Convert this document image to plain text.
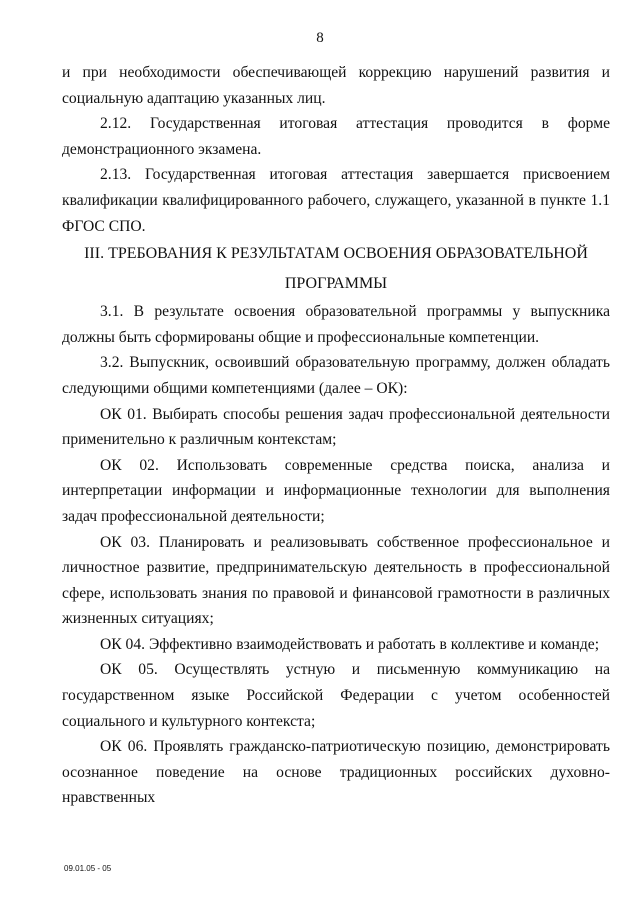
8

и при необходимости обеспечивающей коррекцию нарушений развития и социальную адаптацию указанных лиц.

2.12. Государственная итоговая аттестация проводится в форме демонстрационного экзамена.

2.13. Государственная итоговая аттестация завершается присвоением квалификации квалифицированного рабочего, служащего, указанной в пункте 1.1 ФГОС СПО.

III. ТРЕБОВАНИЯ К РЕЗУЛЬТАТАМ ОСВОЕНИЯ ОБРАЗОВАТЕЛЬНОЙ ПРОГРАММЫ

3.1. В результате освоения образовательной программы у выпускника должны быть сформированы общие и профессиональные компетенции.

3.2. Выпускник, освоивший образовательную программу, должен обладать следующими общими компетенциями (далее – ОК):

ОК 01. Выбирать способы решения задач профессиональной деятельности применительно к различным контекстам;

ОК 02. Использовать современные средства поиска, анализа и интерпретации информации и информационные технологии для выполнения задач профессиональной деятельности;

ОК 03. Планировать и реализовывать собственное профессиональное и личностное развитие, предпринимательскую деятельность в профессиональной сфере, использовать знания по правовой и финансовой грамотности в различных жизненных ситуациях;

ОК 04. Эффективно взаимодействовать и работать в коллективе и команде;

ОК 05. Осуществлять устную и письменную коммуникацию на государственном языке Российской Федерации с учетом особенностей социального и культурного контекста;

ОК 06. Проявлять гражданско-патриотическую позицию, демонстрировать осознанное поведение на основе традиционных российских духовно-нравственных

09.01.05 - 05
